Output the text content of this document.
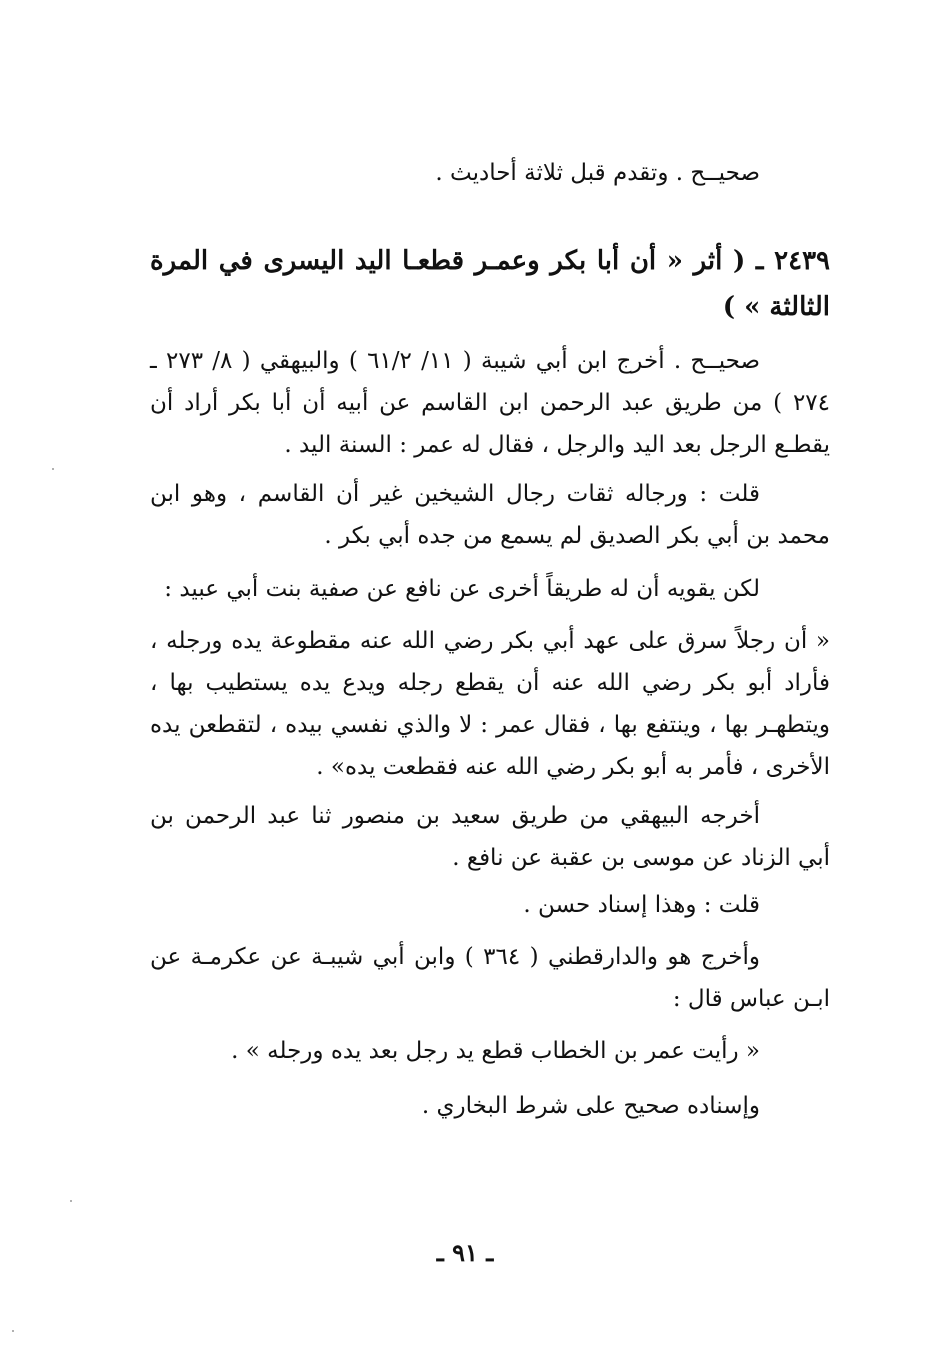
صحيــح . وتقدم قبل ثلاثة أحاديث .

٢٤٣٩ ـ ( أثر « أن أبا بكر وعمـر قطعـا اليد اليسرى في المرة الثالثة » )

صحيــح . أخرج ابن أبي شيبة ( ١١/ ٦١/٢ ) والبيهقي ( ٨/ ٢٧٣ ـ ٢٧٤ ) من طريق عبد الرحمن ابن القاسم عن أبيه أن أبا بكر أراد أن يقطـع الرجل بعد اليد والرجل ، فقال له عمر : السنة اليد .

قلت : ورجاله ثقات رجال الشيخين غير أن القاسم ، وهو ابن محمد بن أبي بكر الصديق لم يسمع من جده أبي بكر .

لكن يقويه أن له طريقاً أخرى عن نافع عن صفية بنت أبي عبيد :

« أن رجلاً سرق على عهد أبي بكر رضي الله عنه مقطوعة يده ورجله ، فأراد أبو بكر رضي الله عنه أن يقطع رجله ويدع يده يستطيب بها ، ويتطهـر بها ، وينتفع بها ، فقال عمر : لا والذي نفسي بيده ، لتقطعن يده الأخرى ، فأمر به أبو بكر رضي الله عنه فقطعت يده» .

أخرجه البيهقي من طريق سعيد بن منصور ثنا عبد الرحمن بن أبي الزناد عن موسى بن عقبة عن نافع .

قلت : وهذا إسناد حسن .

وأخرج هو والدارقطني ( ٣٦٤ ) وابن أبي شيبـة عن عكرمـة عن ابـن عباس قال :

« رأيت عمر بن الخطاب قطع يد رجل بعد يده ورجله » .

وإسناده صحيح على شرط البخاري .

ـ ٩١ ـ
